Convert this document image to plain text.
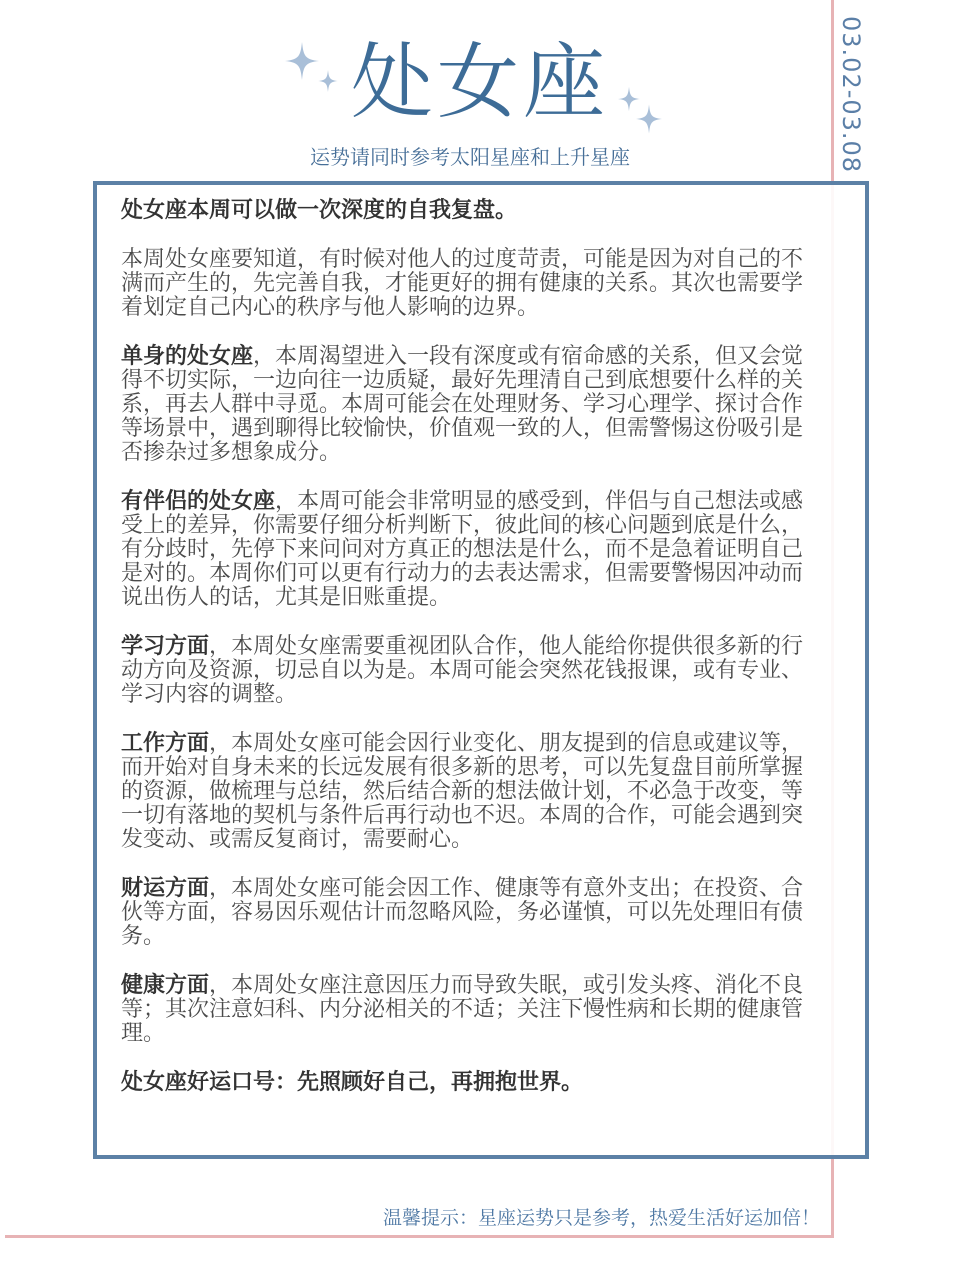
03.02-03.08
处女座
运势请同时参考太阳星座和上升星座

处女座本周可以做一次深度的自我复盘。

本周处女座要知道，有时候对他人的过度苛责，可能是因为对自己的不满而产生的，先完善自我，才能更好的拥有健康的关系。其次也需要学着划定自己内心的秩序与他人影响的边界。

单身的处女座，本周渴望进入一段有深度或有宿命感的关系，但又会觉得不切实际，一边向往一边质疑，最好先理清自己到底想要什么样的关系，再去人群中寻觅。本周可能会在处理财务、学习心理学、探讨合作等场景中，遇到聊得比较愉快，价值观一致的人，但需警惕这份吸引是否掺杂过多想象成分。

有伴侣的处女座，本周可能会非常明显的感受到，伴侣与自己想法或感受上的差异，你需要仔细分析判断下，彼此间的核心问题到底是什么，有分歧时，先停下来问问对方真正的想法是什么，而不是急着证明自己是对的。本周你们可以更有行动力的去表达需求，但需要警惕因冲动而说出伤人的话，尤其是旧账重提。

学习方面，本周处女座需要重视团队合作，他人能给你提供很多新的行动方向及资源，切忌自以为是。本周可能会突然花钱报课，或有专业、学习内容的调整。

工作方面，本周处女座可能会因行业变化、朋友提到的信息或建议等，而开始对自身未来的长远发展有很多新的思考，可以先复盘目前所掌握的资源，做梳理与总结，然后结合新的想法做计划，不必急于改变，等一切有落地的契机与条件后再行动也不迟。本周的合作，可能会遇到突发变动、或需反复商讨，需要耐心。

财运方面，本周处女座可能会因工作、健康等有意外支出；在投资、合伙等方面，容易因乐观估计而忽略风险，务必谨慎，可以先处理旧有债务。

健康方面，本周处女座注意因压力而导致失眠，或引发头疼、消化不良等；其次注意妇科、内分泌相关的不适；关注下慢性病和长期的健康管理。

处女座好运口号：先照顾好自己，再拥抱世界。

温馨提示：星座运势只是参考，热爱生活好运加倍！
